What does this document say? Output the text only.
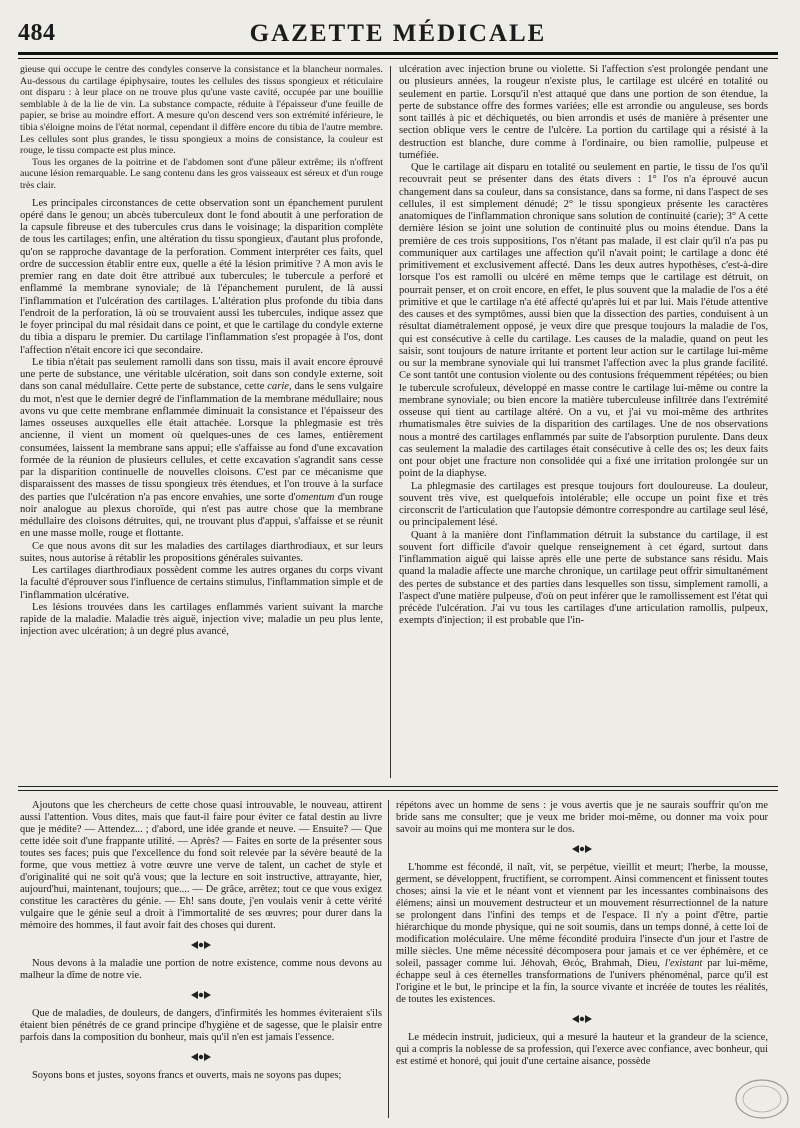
484	GAZETTE MÉDICALE

gieuse qui occupe le centre des condyles conserve la consistance et la blancheur normales. Au-dessous du cartilage épiphysaire, toutes les cellules des tissus spongieux et réticulaire ont disparu : à leur place on ne trouve plus qu'une vaste cavité, occupée par une bouillie semblable à de la lie de vin. La substance compacte, réduite à l'épaisseur d'une feuille de papier, se brise au moindre effort. A mesure qu'on descend vers son extrémité inférieure, le tibia s'éloigne moins de l'état normal, cependant il diffère encore du tibia de l'autre membre. Les cellules sont plus grandes, le tissu spongieux a moins de consistance, la couleur est rouge, le tissu compacte est plus mince.

Tous les organes de la poitrine et de l'abdomen sont d'une pâleur extrême; ils n'offrent aucune lésion remarquable. Le sang contenu dans les gros vaisseaux est séreux et d'un rouge très clair.

Les principales circonstances de cette observation sont un épanchement purulent opéré dans le genou; un abcès tuberculeux dont le fond aboutit à une perforation de la capsule fibreuse et des tubercules crus dans le voisinage; la disparition complète de tous les cartilages; enfin, une altération du tissu spongieux, d'autant plus profonde, qu'on se rapproche davantage de la perforation. Comment interpréter ces faits, quel ordre de succession établir entre eux, quelle a été la lésion primitive ? A mon avis le premier rang en date doit être attribué aux tubercules; le tubercule a perforé et enflammé la membrane synoviale; de là l'épanchement purulent, de là aussi l'inflammation et l'ulcération des cartilages. L'altération plus profonde du tibia dans l'endroit de la perforation, là où se trouvaient aussi les tubercules, indique assez que le foyer principal du mal résidait dans ce point, et que le cartilage du condyle externe du tibia a disparu le premier. Du cartilage l'inflammation s'est propagée à l'os, dont l'affection n'était encore ici que secondaire.

Le tibia n'était pas seulement ramolli dans son tissu, mais il avait encore éprouvé une perte de substance, une véritable ulcération, soit dans son condyle externe, soit dans son canal médullaire. Cette perte de substance, cette carie, dans le sens vulgaire du mot, n'est que le dernier degré de l'inflammation de la membrane médullaire; nous avons vu que cette membrane enflammée diminuait la consistance et l'épaisseur des lames osseuses auxquelles elle était attachée. Lorsque la phlegmasie est très ancienne, il vient un moment où quelques-unes de ces lames, entièrement consumées, laissent la membrane sans appui; elle s'affaisse au fond d'une excavation formée de la réunion de plusieurs cellules, et cette excavation s'agrandit sans cesse par la disparition continuelle de nouvelles cloisons. C'est par ce mécanisme que disparaissent des masses de tissu spongieux très étendues, et l'on trouve à la surface des parties que l'ulcération n'a pas encore envahies, une sorte d'omentum d'un rouge noir analogue au plexus choroïde, qui n'est pas autre chose que la membrane médullaire des cloisons détruites, qui, ne trouvant plus d'appui, s'affaisse et se réunit en une masse molle, rouge et flottante.

Ce que nous avons dit sur les maladies des cartilages diarthrodiaux, et sur leurs suites, nous autorise à rétablir les propositions générales suivantes.

Les cartilages diarthrodiaux possèdent comme les autres organes du corps vivant la faculté d'éprouver sous l'influence de certains stimulus, l'inflammation simple et de l'inflammation ulcérative.

Les lésions trouvées dans les cartilages enflammés varient suivant la marche rapide de la maladie. Maladie très aiguë, injection vive; maladie un peu plus lente, injection avec ulcération; à un degré plus avancé,

ulcération avec injection brune ou violette. Si l'affection s'est prolongée pendant une ou plusieurs années, la rougeur n'existe plus, le cartilage est ulcéré en totalité ou seulement en partie. Lorsqu'il n'est attaqué que dans une portion de son étendue, la perte de substance offre des formes variées; elle est arrondie ou anguleuse, ses bords sont taillés à pic et déchiquetés, ou bien arrondis et usés de manière à présenter une section oblique vers le centre de l'ulcère. La portion du cartilage qui a résisté à la destruction est blanche, dure comme à l'ordinaire, ou bien ramollie, pulpeuse et tuméfiée.

Que le cartilage ait disparu en totalité ou seulement en partie, le tissu de l'os qu'il recouvrait peut se présenter dans des états divers : 1° l'os n'a éprouvé aucun changement dans sa couleur, dans sa consistance, dans sa forme, ni dans l'aspect de ses cellules, il est simplement dénudé; 2° le tissu spongieux présente les caractères anatomiques de l'inflammation chronique sans solution de continuité (carie); 3° A cette dernière lésion se joint une solution de continuité plus ou moins étendue. Dans la première de ces trois suppositions, l'os n'étant pas malade, il est clair qu'il n'a pas pu communiquer aux cartilages une affection qu'il n'avait point; le cartilage a donc été primitivement et exclusivement affecté. Dans les deux autres hypothèses, c'est-à-dire lorsque l'os est ramolli ou ulcéré en même temps que le cartilage est détruit, on pourrait penser, et on croit encore, en effet, le plus souvent que la maladie de l'os a été primitive et que le cartilage n'a été affecté qu'après lui et par lui. Mais l'étude attentive des causes et des symptômes, aussi bien que la dissection des parties, conduisent à un résultat diamétralement opposé, je veux dire que presque toujours la maladie de l'os, qui est consécutive à celle du cartilage. Les causes de la maladie, quand on peut les saisir, sont toujours de nature irritante et portent leur action sur le cartilage lui-même ou sur la membrane synoviale qui lui transmet l'affection avec la plus grande facilité. Ce sont tantôt une contusion violente ou des contusions fréquemment répétées; ou bien le tubercule scrofuleux, développé en masse contre le cartilage lui-même ou contre la membrane synoviale; ou bien encore la matière tuberculeuse infiltrée dans l'extrémité osseuse qui tient au cartilage altéré. On a vu, et j'ai vu moi-même des arthrites rhumatismales être suivies de la disparition des cartilages. Une de nos observations nous a montré des cartilages enflammés par suite de l'absorption purulente. Dans deux cas seulement la maladie des cartilages était consécutive à celle des os; les deux faits ont pour objet une fracture non consolidée qui a fixé une irritation prolongée sur un point de la diaphyse.

La phlegmasie des cartilages est presque toujours fort douloureuse. La douleur, souvent très vive, est quelquefois intolérable; elle occupe un point fixe et très circonscrit de l'articulation que l'autopsie démontre correspondre au cartilage seul lésé, ou principalement lésé.

Quant à la manière dont l'inflammation détruit la substance du cartilage, il est souvent fort difficile d'avoir quelque renseignement à cet égard, surtout dans l'inflammation aiguë qui laisse après elle une perte de substance sans résidu. Mais quand la maladie affecte une marche chronique, un cartilage peut offrir simultanément des pertes de substance et des parties dans lesquelles son tissu, simplement ramolli, a l'aspect d'une matière pulpeuse, d'où on peut inférer que le ramollissement est l'état qui précède l'ulcération. J'ai vu tous les cartilages d'une articulation ramollis, pulpeux, exempts d'injection; il est probable que l'in-

Ajoutons que les chercheurs de cette chose quasi introuvable, le nouveau, attirent aussi l'attention. Vous dites, mais que faut-il faire pour éviter ce fatal destin au livre que je médite? — Attendez... ; d'abord, une idée grande et neuve. — Ensuite? — Que cette idée soit d'une frappante utilité. — Après? — Faites en sorte de la présenter sous toutes ses faces; puis que l'excellence du fond soit relevée par la sévère beauté de la forme, que vous mettiez à votre œuvre une verve de talent, un cachet de style et d'originalité qui ne soit qu'à vous; que la lecture en soit instructive, attrayante, hier, aujourd'hui, maintenant, toujours; que.... — De grâce, arrêtez; tout ce que vous exigez constitue les caractères du génie. — Eh! sans doute, j'en voulais venir à cette vérité vulgaire que le génie seul a droit à l'immortalité de ses œuvres; pour durer dans la mémoire des hommes, il faut avoir fait des choses qui durent.

Nous devons à la maladie une portion de notre existence, comme nous devons au malheur la dîme de notre vie.

Que de maladies, de douleurs, de dangers, d'infirmités les hommes éviteraient s'ils étaient bien pénétrés de ce grand principe d'hygiène et de sagesse, que le plaisir entre parfois dans la composition du bonheur, mais qu'il n'en est jamais l'essence.

Soyons bons et justes, soyons francs et ouverts, mais ne soyons pas dupes;

répétons avec un homme de sens : je vous avertis que je ne saurais souffrir qu'on me bride sans me consulter; que je veux me brider moi-même, ou donner ma voix pour savoir au moins qui me montera sur le dos.

L'homme est fécondé, il naît, vit, se perpétue, vieillit et meurt; l'herbe, la mousse, germent, se développent, fructifient, se corrompent. Ainsi commencent et finissent toutes choses; ainsi la vie et le néant vont et viennent par les incessantes combinaisons des élémens; ainsi un mouvement destructeur et un mouvement résurrectionnel de la nature se prolongent dans l'infini des temps et de l'espace. Il n'y a point d'être, partie hiérarchique du monde physique, qui ne soit soumis, dans un temps donné, à cette loi de modification moléculaire. Une même fécondité produira l'insecte d'un jour et l'astre de mille siècles. Une même nécessité décomposera pour jamais et ce ver éphémère, et ce soleil, passager comme lui. Jéhovah, Θεός, Brahmah, Dieu, l'existant par lui-même, échappe seul à ces éternelles transformations de l'univers phénoménal, parce qu'il est l'origine et le but, le principe et la fin, la source vivante et incréée de toutes les réalités, de toutes les existences.

Le médecin instruit, judicieux, qui a mesuré la hauteur et la grandeur de la science, qui a compris la noblesse de sa profession, qui l'exerce avec confiance, avec bonheur, qui est estimé et honoré, qui jouit d'une certaine aisance, possède
